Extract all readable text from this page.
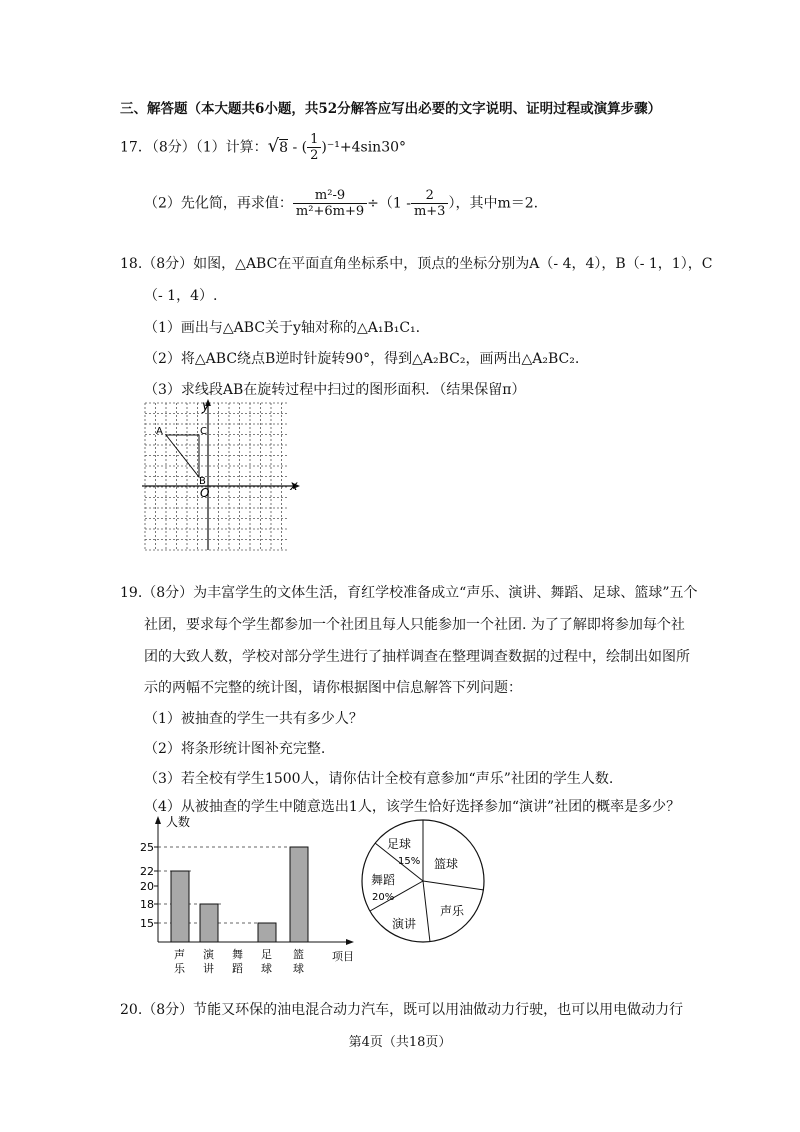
三、解答题（本大题共6小题，共52分解答应写出必要的文字说明、证明过程或演算步骤）
17．（8分）（1）计算：√8 - ( $\frac{1}{2} )^{-1}+4\sin 30^\circ$
（2）先化简，再求值： $\frac{\text{m²-9}}{\text{m²+6m+9}} \div(1 - \frac{2}{m+3}$ ），其中m＝2.
18.（8分）如图，△ABC在平面直角坐标系中，顶点的坐标分别为A（- 4，4），B（- 1，1），C
（- 1，4）.
（1）画出与△ABC关于y轴对称的△A₁B₁C₁.
（2）将△ABC绕点B逆时针旋转90°，得到△A₂BC₂，画两出△A₂BC₂.
（3）求线段AB在旋转过程中扫过的图形面积．（结果保留π）
x
y
O
A
B
C
19.（8分）为丰富学生的文体生活，育红学校准备成立“声乐、演讲、舞蹈、足球、篮球”五个
社团，要求每个学生都参加一个社团且每人只能参加一个社团. 为了了解即将参加每个社
团的大致人数，学校对部分学生进行了抽样调查在整理调查数据的过程中，绘制出如图所
示的两幅不完整的统计图，请你根据图中信息解答下列问题：
（1）被抽查的学生一共有多少人？
（2）将条形统计图补充完整.
（3）若全校有学生1500人，请你估计全校有意参加“声乐”社团的学生人数.
（4）从被抽查的学生中随意选出1人，该学生恰好选择参加“演讲”社团的概率是多少？
人数
项目
15
18
20
22
25
声
乐
演
讲
舞
蹈
足
球
篮
球
足球
15% 篮球
声乐
演讲
舞蹈
20%
20.（8分）节能又环保的油电混合动力汽车，既可以用油做动力行驶，也可以用电做动力行
第4页（共18页）
